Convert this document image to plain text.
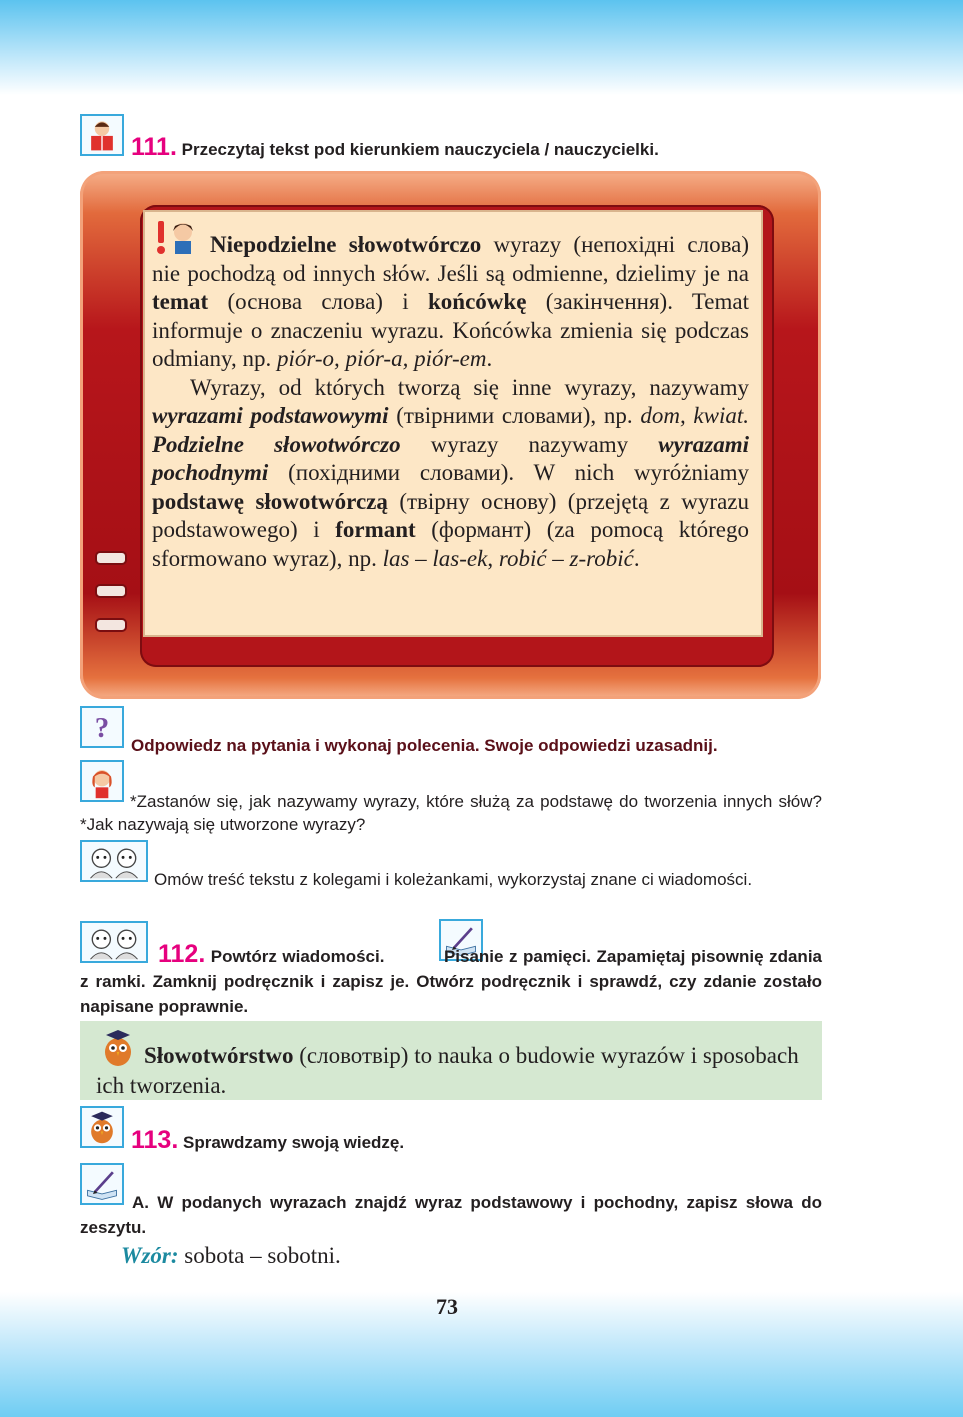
111. Przeczytaj tekst pod kierunkiem nauczyciela / nauczycielki.

Niepodzielne słowotwórczo wyrazy (непохідні слова) nie pochodzą od innych słów. Jeśli są odmienne, dzielimy je na temat (основа слова) i końcówkę (закінчення). Temat informuje o znaczeniu wyrazu. Końcówka zmienia się podczas odmiany, np. piór-o, piór-a, piór-em.

Wyrazy, od których tworzą się inne wyrazy, nazywamy wyrazami podstawowymi (твірними словами), np. dom, kwiat. Podzielne słowotwórczo wyrazy nazywamy wyrazami pochodnymi (похідними словами). W nich wyróżniamy podstawę słowotwórczą (твірну основу) (przejętą z wyrazu podstawowego) i formant (формант) (za pomocą którego sformowano wyraz), np. las – las-ek, robić – z-robić.

?
Odpowiedz na pytania i wykonaj polecenia. Swoje odpowiedzi uzasadnij.
*Zastanów się, jak nazywamy wyrazy, które służą za podstawę do tworzenia innych słów? *Jak nazywają się utworzone wyrazy?
Omów treść tekstu z kolegami i koleżankami, wykorzystaj znane ci wiadomości.
112. Powtórz wiadomości.	Pisanie z pamięci. Zapamiętaj pisownię zdania z ramki. Zamknij podręcznik i zapisz je. Otwórz podręcznik i sprawdź, czy zdanie zostało napisane poprawnie.
Słowotwórstwo (словотвір) to nauka o budowie wyrazów i sposobach ich tworzenia.
113. Sprawdzamy swoją wiedzę.
A. W podanych wyrazach znajdź wyraz podstawowy i pochodny, zapisz słowa do zeszytu.
Wzór: sobota – sobotni.
73
